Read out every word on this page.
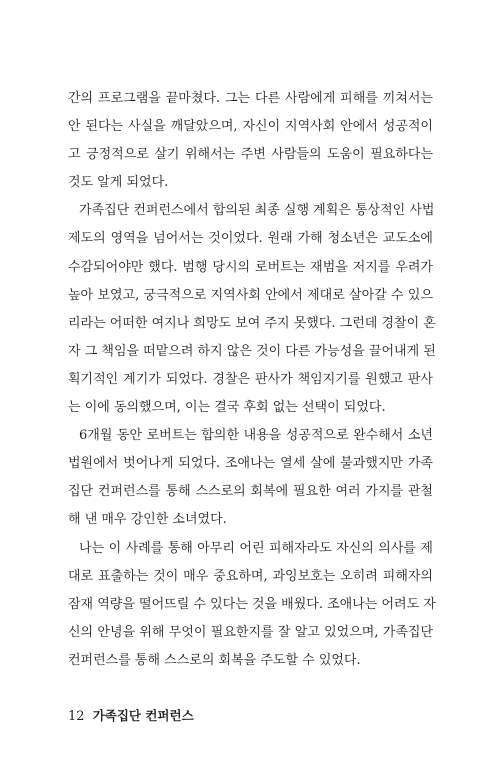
간의 프로그램을 끝마쳤다. 그는 다른 사람에게 피해를 끼쳐서는
안 된다는 사실을 깨달았으며, 자신이 지역사회 안에서 성공적이
고 긍정적으로 살기 위해서는 주변 사람들의 도움이 필요하다는
것도 알게 되었다.
가족집단 컨퍼런스에서 합의된 최종 실행 계획은 통상적인 사법
제도의 영역을 넘어서는 것이었다. 원래 가해 청소년은 교도소에
수감되어야만 했다. 범행 당시의 로버트는 재범을 저지를 우려가
높아 보였고, 궁극적으로 지역사회 안에서 제대로 살아갈 수 있으
리라는 어떠한 여지나 희망도 보여 주지 못했다. 그런데 경찰이 혼
자 그 책임을 떠맡으려 하지 않은 것이 다른 가능성을 끌어내게 된
획기적인 계기가 되었다. 경찰은 판사가 책임지기를 원했고 판사
는 이에 동의했으며, 이는 결국 후회 없는 선택이 되었다.
6개월 동안 로버트는 합의한 내용을 성공적으로 완수해서 소년
법원에서 벗어나게 되었다. 조애나는 열세 살에 불과했지만 가족
집단 컨퍼런스를 통해 스스로의 회복에 필요한 여러 가지를 관철
해 낸 매우 강인한 소녀였다.
나는 이 사례를 통해 아무리 어린 피해자라도 자신의 의사를 제
대로 표출하는 것이 매우 중요하며, 과잉보호는 오히려 피해자의
잠재 역량을 떨어뜨릴 수 있다는 것을 배웠다. 조애나는 어려도 자
신의 안녕을 위해 무엇이 필요한지를 잘 알고 있었으며, 가족집단
컨퍼런스를 통해 스스로의 회복을 주도할 수 있었다.
12 가족집단 컨퍼런스
